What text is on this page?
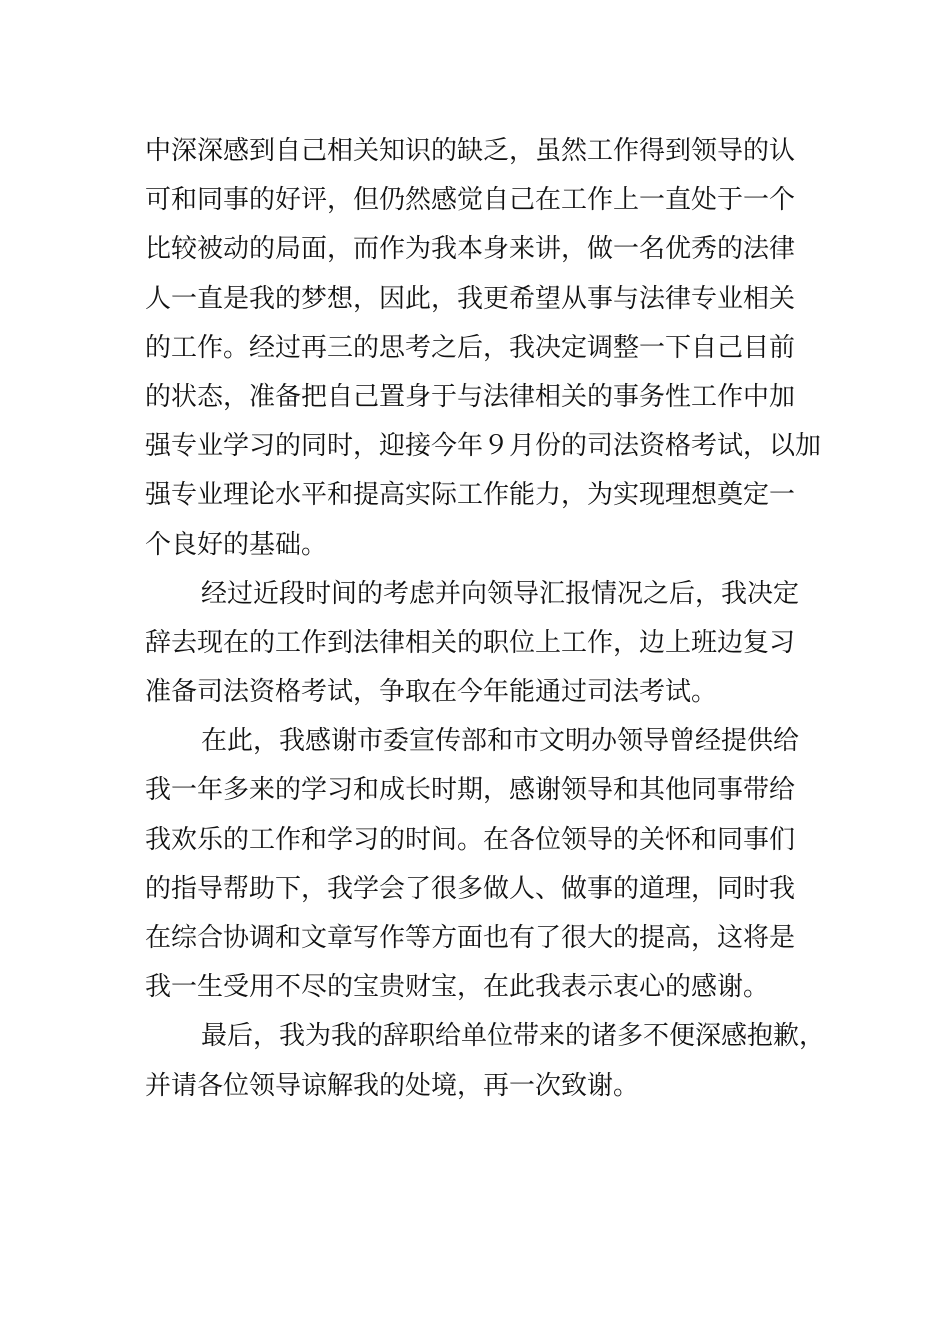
中深深感到自己相关知识的缺乏，虽然工作得到领导的认
可和同事的好评，但仍然感觉自己在工作上一直处于一个
比较被动的局面，而作为我本身来讲，做一名优秀的法律
人一直是我的梦想，因此，我更希望从事与法律专业相关
的工作。经过再三的思考之后，我决定调整一下自己目前
的状态，准备把自己置身于与法律相关的事务性工作中加
强专业学习的同时，迎接今年９月份的司法资格考试，以加
强专业理论水平和提高实际工作能力，为实现理想奠定一
个良好的基础。
经过近段时间的考虑并向领导汇报情况之后，我决定
辞去现在的工作到法律相关的职位上工作，边上班边复习
准备司法资格考试，争取在今年能通过司法考试。
在此，我感谢市委宣传部和市文明办领导曾经提供给
我一年多来的学习和成长时期，感谢领导和其他同事带给
我欢乐的工作和学习的时间。在各位领导的关怀和同事们
的指导帮助下，我学会了很多做人、做事的道理，同时我
在综合协调和文章写作等方面也有了很大的提高，这将是
我一生受用不尽的宝贵财宝，在此我表示衷心的感谢。
最后，我为我的辞职给单位带来的诸多不便深感抱歉，
并请各位领导谅解我的处境，再一次致谢。
